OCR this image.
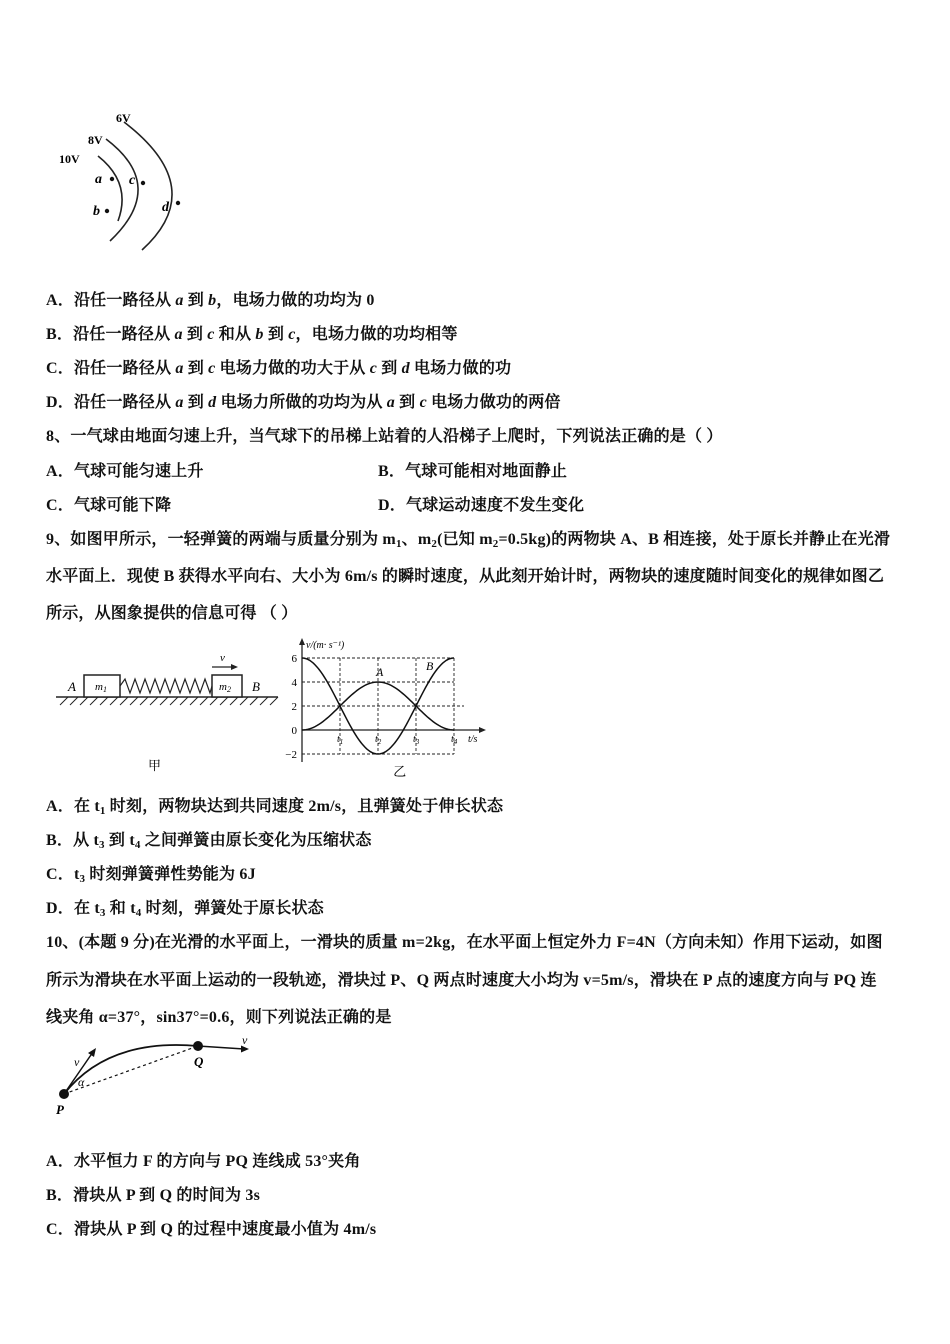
6V
8V
10V
a
b
c
d
A．沿任一路径从 a 到 b，电场力做的功均为 0
B．沿任一路径从 a 到 c 和从 b 到 c，电场力做的功均相等
C．沿任一路径从 a 到 c 电场力做的功大于从 c 到 d 电场力做的功
D．沿任一路径从 a 到 d 电场力所做的功均为从 a 到 c 电场力做功的两倍
8、一气球由地面匀速上升，当气球下的吊梯上站着的人沿梯子上爬时，下列说法正确的是（ ）
A．气球可能匀速上升	B．气球可能相对地面静止
C．气球可能下降	D．气球运动速度不发生变化
9、如图甲所示，一轻弹簧的两端与质量分别为 $m_1$、$m_2$(已知 $m_2=0.5kg$)的两物块 A、B 相连接，处于原长并静止在光滑
水平面上．现使 B 获得水平向右、大小为 6m/s 的瞬时速度，从此刻开始计时，两物块的速度随时间变化的规律如图乙
所示，从图象提供的信息可得 （ ）
v
A	B
m1	m2
甲
v/(m· s⁻¹)
t/s
6
4
2
0
−2
$t_1$	$t_2$	$t_3$	$t_4$
A	B
乙
A．在 $t_1$ 时刻，两物块达到共同速度 2m/s，且弹簧处于伸长状态
B．从 $t_3$ 到 $t_4$ 之间弹簧由原长变化为压缩状态
C．$t_3$ 时刻弹簧弹性势能为 6J
D．在 $t_3$ 和 $t_4$ 时刻，弹簧处于原长状态
10、(本题 9 分)在光滑的水平面上，一滑块的质量 m=2kg，在水平面上恒定外力 F=4N（方向未知）作用下运动，如图
所示为滑块在水平面上运动的一段轨迹，滑块过 P、Q 两点时速度大小均为 v=5m/s，滑块在 P 点的速度方向与 PQ 连
线夹角 α=37°，sin37°=0.6，则下列说法正确的是
v
α
P
Q
v
A．水平恒力 F 的方向与 PQ 连线成 53°夹角
B．滑块从 P 到 Q 的时间为 3s
C．滑块从 P 到 Q 的过程中速度最小值为 4m/s
